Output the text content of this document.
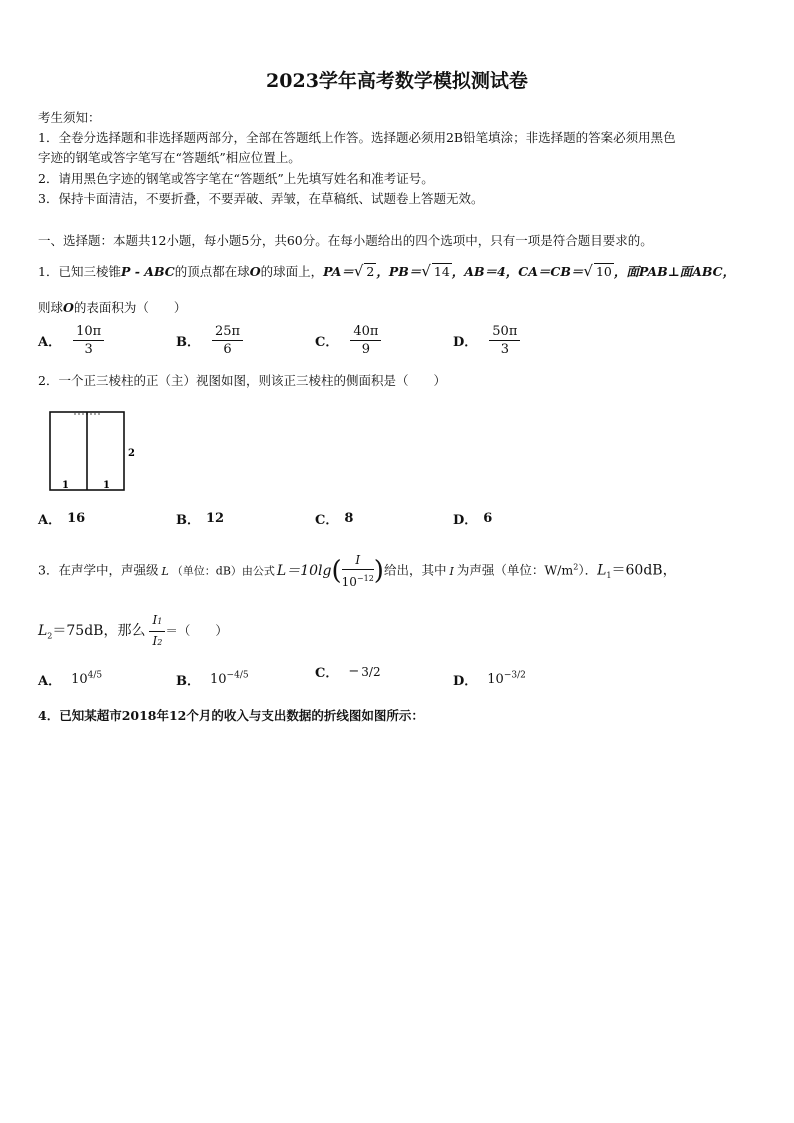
2023学年高考数学模拟测试卷
考生须知：
1．全卷分选择题和非选择题两部分，全部在答题纸上作答。选择题必须用2B铅笔填涂；非选择题的答案必须用黑色
字迹的钢笔或答字笔写在“答题纸”相应位置上。
2．请用黑色字迹的钢笔或答字笔在“答题纸”上先填写姓名和准考证号。
3．保持卡面清洁，不要折叠，不要弄破、弄皱，在草稿纸、试题卷上答题无效。
一、选择题：本题共12小题，每小题5分，共60分。在每小题给出的四个选项中，只有一项是符合题目要求的。
1．已知三棱锥P - ABC的顶点都在球O的球面上，PA＝√ 2 ，PB＝√ 14 ，AB＝4，CA＝CB＝√ 10 ，面PAB⊥面ABC，
则球O的表面积为（　　）
A． $\frac{10\pi}{3}$	B． $\frac{25\pi}{6}$	C． $\frac{40\pi}{9}$	D． $\frac{50\pi}{3}$
2．一个正三棱柱的正（主）视图如图，则该正三棱柱的侧面积是（　　）
1	1
2
A． 16	B． 12	C． 8	D． 6
3．在声学中，声强级 L （单位：dB）由公式 $L=10\lg( \frac{I}{10^{-12}}$ )给出，其中 I 为声强（单位：$W/m^2$）．$L_1=60dB$，
$L_2=75dB$，那么 $\frac{I1}{I2}$ ＝（　　）
A． $10^{4/5}$	B． $10^{-4/5}$	C． − 3/2
D． $10^{-3/2}$
4．已知某超市2018年12个月的收入与支出数据的折线图如图所示：
